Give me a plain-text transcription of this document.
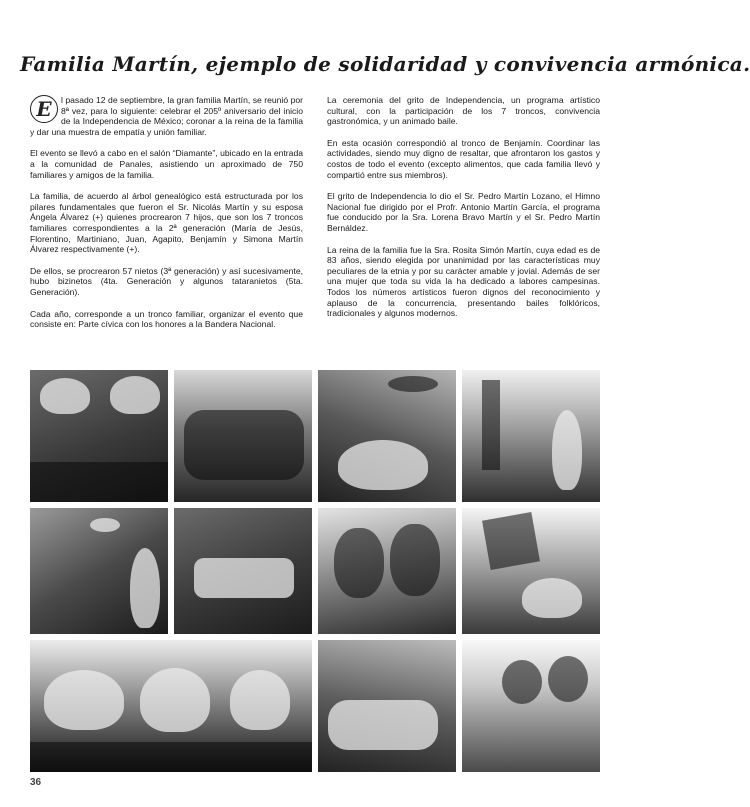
Familia Martín, ejemplo de solidaridad y convivencia armónica.

E	l pasado 12 de septiembre, la gran familia Martín, se reunió por 8ª vez, para lo siguiente: celebrar el 205º aniversario del inicio de la Independencia de México; coronar a la reina de la familia y dar una muestra de empatía y unión familiar.

El evento se llevó a cabo en el salón “Diamante”, ubicado en la entrada a la comunidad de Panales, asistiendo un aproximado de 750 familiares y amigos de la familia.

La familia, de acuerdo al árbol genealógico está estructurada por los pilares fundamentales que fueron el Sr. Nicolás Martín y su esposa Ángela Álvarez (+) quienes procrearon 7 hijos, que son los 7 troncos familiares correspondientes a la 2ª generación (María de Jesús, Florentino, Martiniano, Juan, Agapito, Benjamín y Simona Martín Álvarez respectivamente (+).

De ellos, se procrearon 57 nietos (3ª generación) y así sucesivamente, hubo bizinetos (4ta. Generación y algunos tataranietos (5ta. Generación).

Cada año, corresponde a un tronco familiar, organizar el evento que consiste en: Parte cívica con los honores a la Bandera Nacional.

La ceremonia del grito de Independencia, un programa artístico cultural, con la participación de los 7 troncos, convivencia gastronómica, y un animado baile.

En esta ocasión correspondió al tronco de Benjamín. Coordinar las actividades, siendo muy digno de resaltar, que afrontaron los gastos y costos de todo el evento (excepto alimentos, que cada familia llevó y compartió entre sus miembros).

El grito de Independencia lo dio el Sr. Pedro Martín Lozano, el Himno Nacional fue dirigido por el Profr. Antonio Martín García, el programa fue conducido por la Sra. Lorena Bravo Martín y el Sr. Pedro Martín Bernáldez.

La reina de la familia fue la Sra. Rosita Simón Martín, cuya edad es de 83 años, siendo elegida por unanimidad por las características muy peculiares de la etnia y por su carácter amable y jovial. Además de ser una mujer que toda su vida la ha dedicado a labores campesinas. Todos los números artísticos fueron dignos del reconocimiento y aplauso de la concurrencia, presentando bailes folklóricos, tradicionales y algunos modernos.

36
